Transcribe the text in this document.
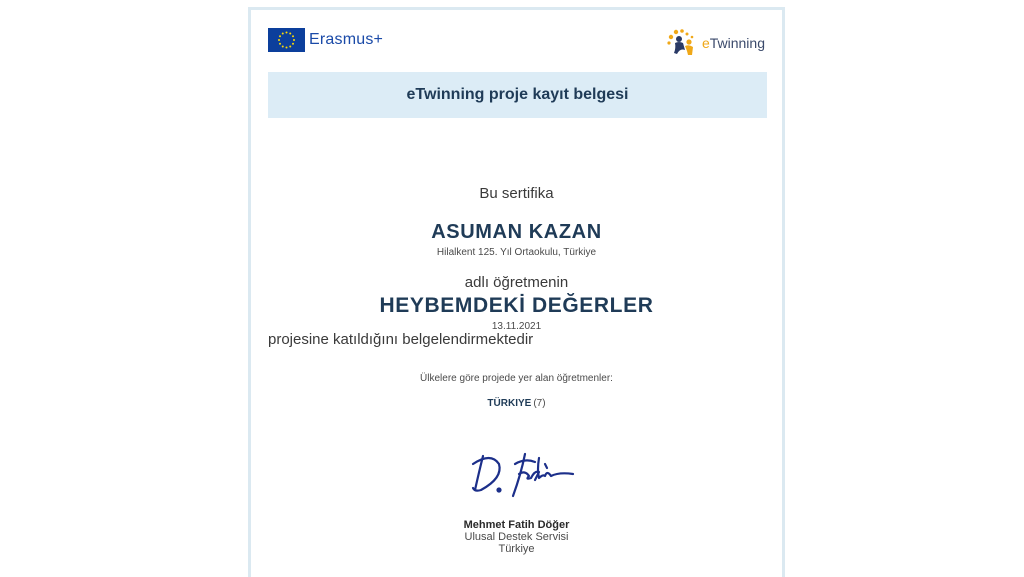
Erasmus+	eTwinning
eTwinning proje kayıt belgesi
Bu sertifika
ASUMAN KAZAN
Hilalkent 125. Yıl Ortaokulu, Türkiye
adlı öğretmenin
HEYBEMDEKİ DEĞERLER
13.11.2021
projesine katıldığını belgelendirmektedir
Ülkelere göre projede yer alan öğretmenler:
TÜRKIYE (7)
Mehmet Fatih Döğer
Ulusal Destek Servisi
Türkiye
